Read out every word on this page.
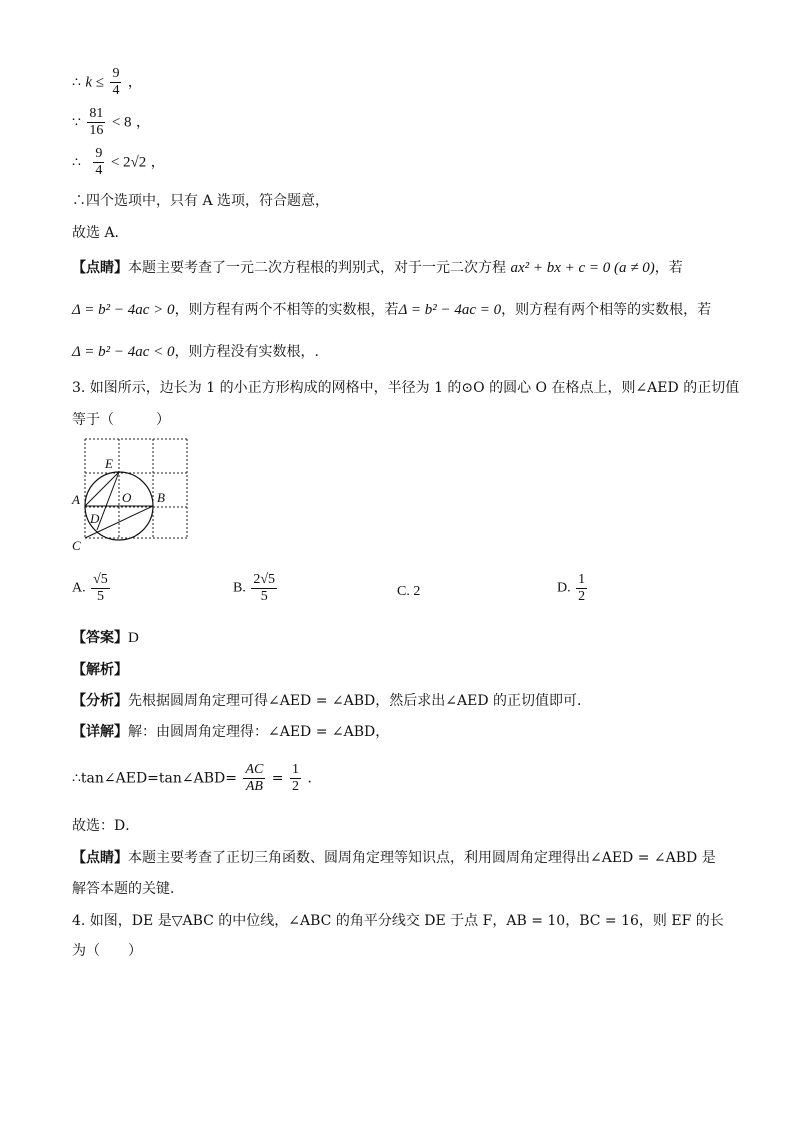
∴ $k \le \frac{9}{4}$ ，
∵ $\frac{81}{16} < 8$ ，
∴ $\frac{9}{4} < 2√2$ ，
∴四个选项中，只有 A 选项，符合题意，
故选 A．
【点睛】本题主要考查了一元二次方程根的判别式，对于一元二次方程 ax² + bx + c = 0 (a ≠ 0)，若
Δ = b² − 4ac > 0，则方程有两个不相等的实数根，若Δ = b² − 4ac = 0，则方程有两个相等的实数根，若
Δ = b² − 4ac < 0，则方程没有实数根，.
3. 如图所示，边长为 1 的小正方形构成的网格中，半径为 1 的⊙O 的圆心 O 在格点上，则∠AED 的正切值
等于（　　　）
E
A	O B
D
C
A. $\frac{√5}{5}$	B. $\frac{2√5}{5}$	C. 2	D. $\frac{1}{2}$
【答案】D
【解析】
【分析】先根据圆周角定理可得∠AED = ∠ABD，然后求出∠AED 的正切值即可．
【详解】解：由圆周角定理得：∠AED = ∠ABD，
∴tan∠AED=tan∠ABD= $\frac{AC}{AB} = \frac{1}{2}$ ．
故选：D．
【点睛】本题主要考查了正切三角函数、圆周角定理等知识点，利用圆周角定理得出∠AED = ∠ABD 是
解答本题的关键．
4. 如图，DE 是▽ABC 的中位线，∠ABC 的角平分线交 DE 于点 F，AB = 10，BC = 16，则 EF 的长
为（　　）
